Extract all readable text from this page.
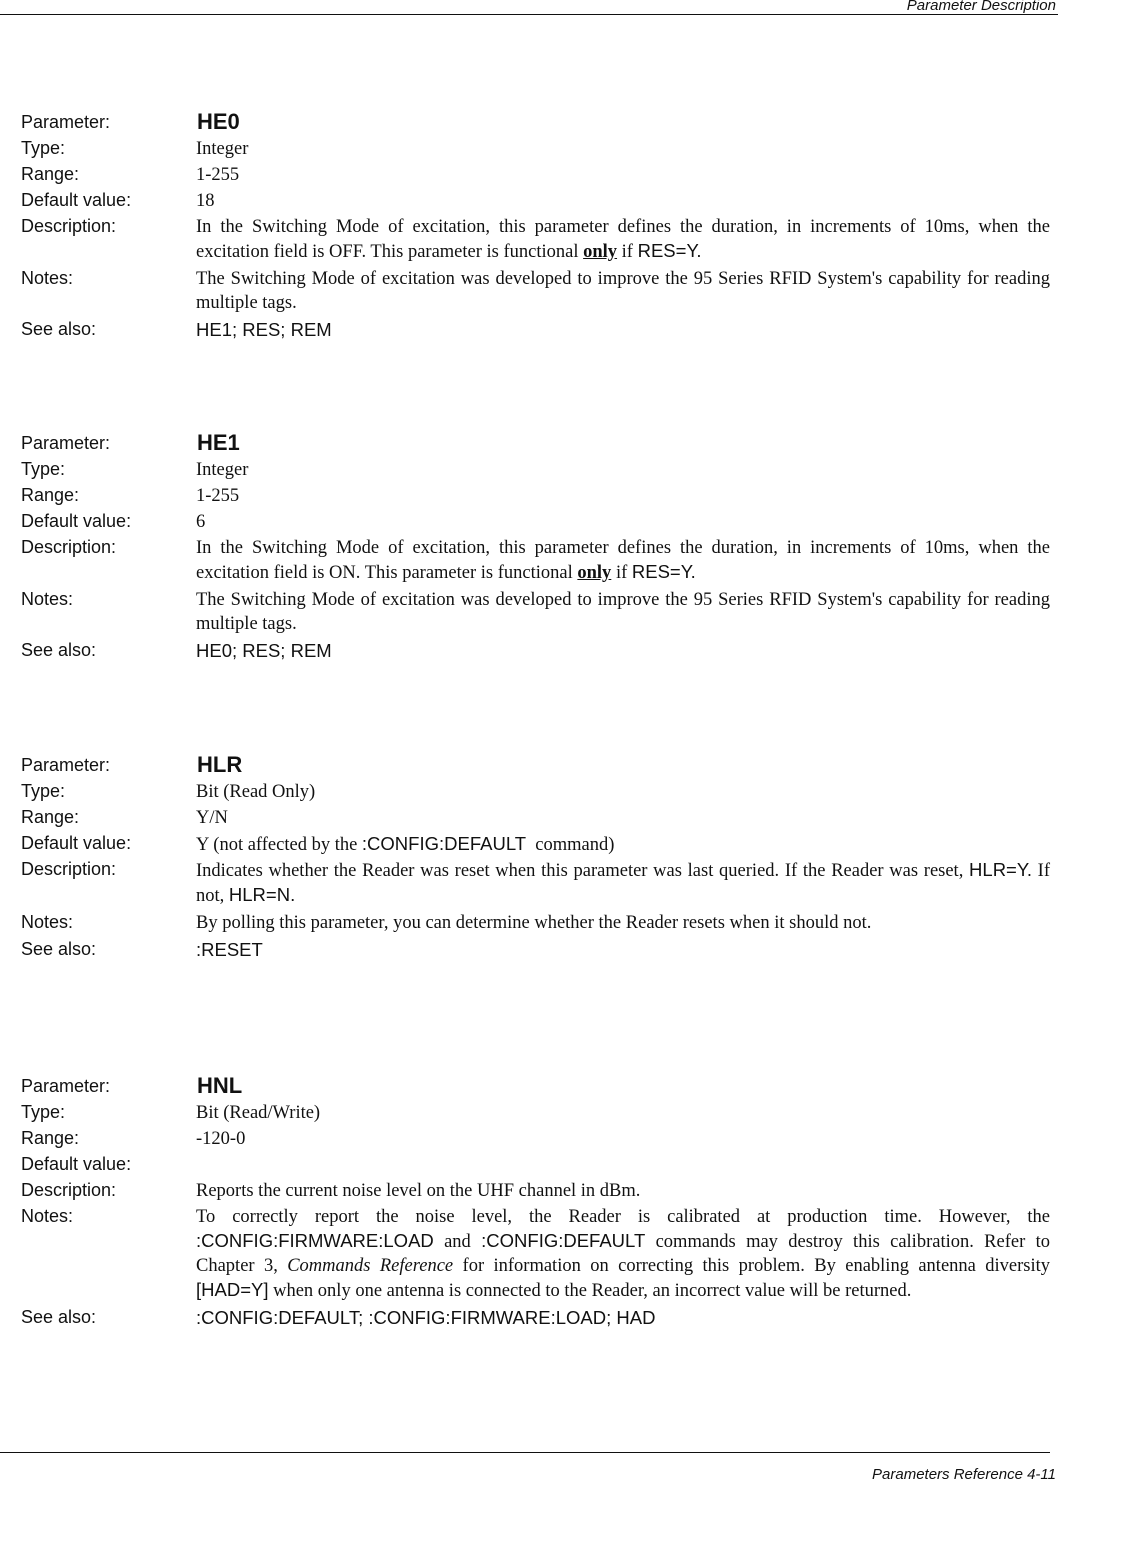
Parameter Description
Parameter:	HE0
Type:	Integer
Range:	1-255
Default value:	18
Description:	In the Switching Mode of excitation, this parameter defines the duration, in increments of 10ms, when the excitation field is OFF. This parameter is functional only if RES=Y.
Notes:	The Switching Mode of excitation was developed to improve the 95 Series RFID System's capability for reading multiple tags.
See also:	HE1; RES; REM
Parameter:	HE1
Type:	Integer
Range:	1-255
Default value:	6
Description:	In the Switching Mode of excitation, this parameter defines the duration, in increments of 10ms, when the excitation field is ON. This parameter is functional only if RES=Y.
Notes:	The Switching Mode of excitation was developed to improve the 95 Series RFID System's capability for reading multiple tags.
See also:	HE0; RES; REM
Parameter:	HLR
Type:	Bit (Read Only)
Range:	Y/N
Default value:	Y (not affected by the :CONFIG:DEFAULT  command)
Description:	Indicates whether the Reader was reset when this parameter was last queried. If the Reader was reset, HLR=Y. If not, HLR=N.
Notes:	By polling this parameter, you can determine whether the Reader resets when it should not.
See also:	:RESET
Parameter:	HNL
Type:	Bit (Read/Write)
Range:	-120-0
Default value:
Description:	Reports the current noise level on the UHF channel in dBm.
Notes:	To correctly report the noise level, the Reader is calibrated at production time. However, the :CONFIG:FIRMWARE:LOAD and :CONFIG:DEFAULT commands may destroy this calibration. Refer to Chapter 3, Commands Reference for information on correcting this problem. By enabling antenna diversity [HAD=Y] when only one antenna is connected to the Reader, an incorrect value will be returned.
See also:	:CONFIG:DEFAULT; :CONFIG:FIRMWARE:LOAD; HAD
Parameters Reference 4-11
